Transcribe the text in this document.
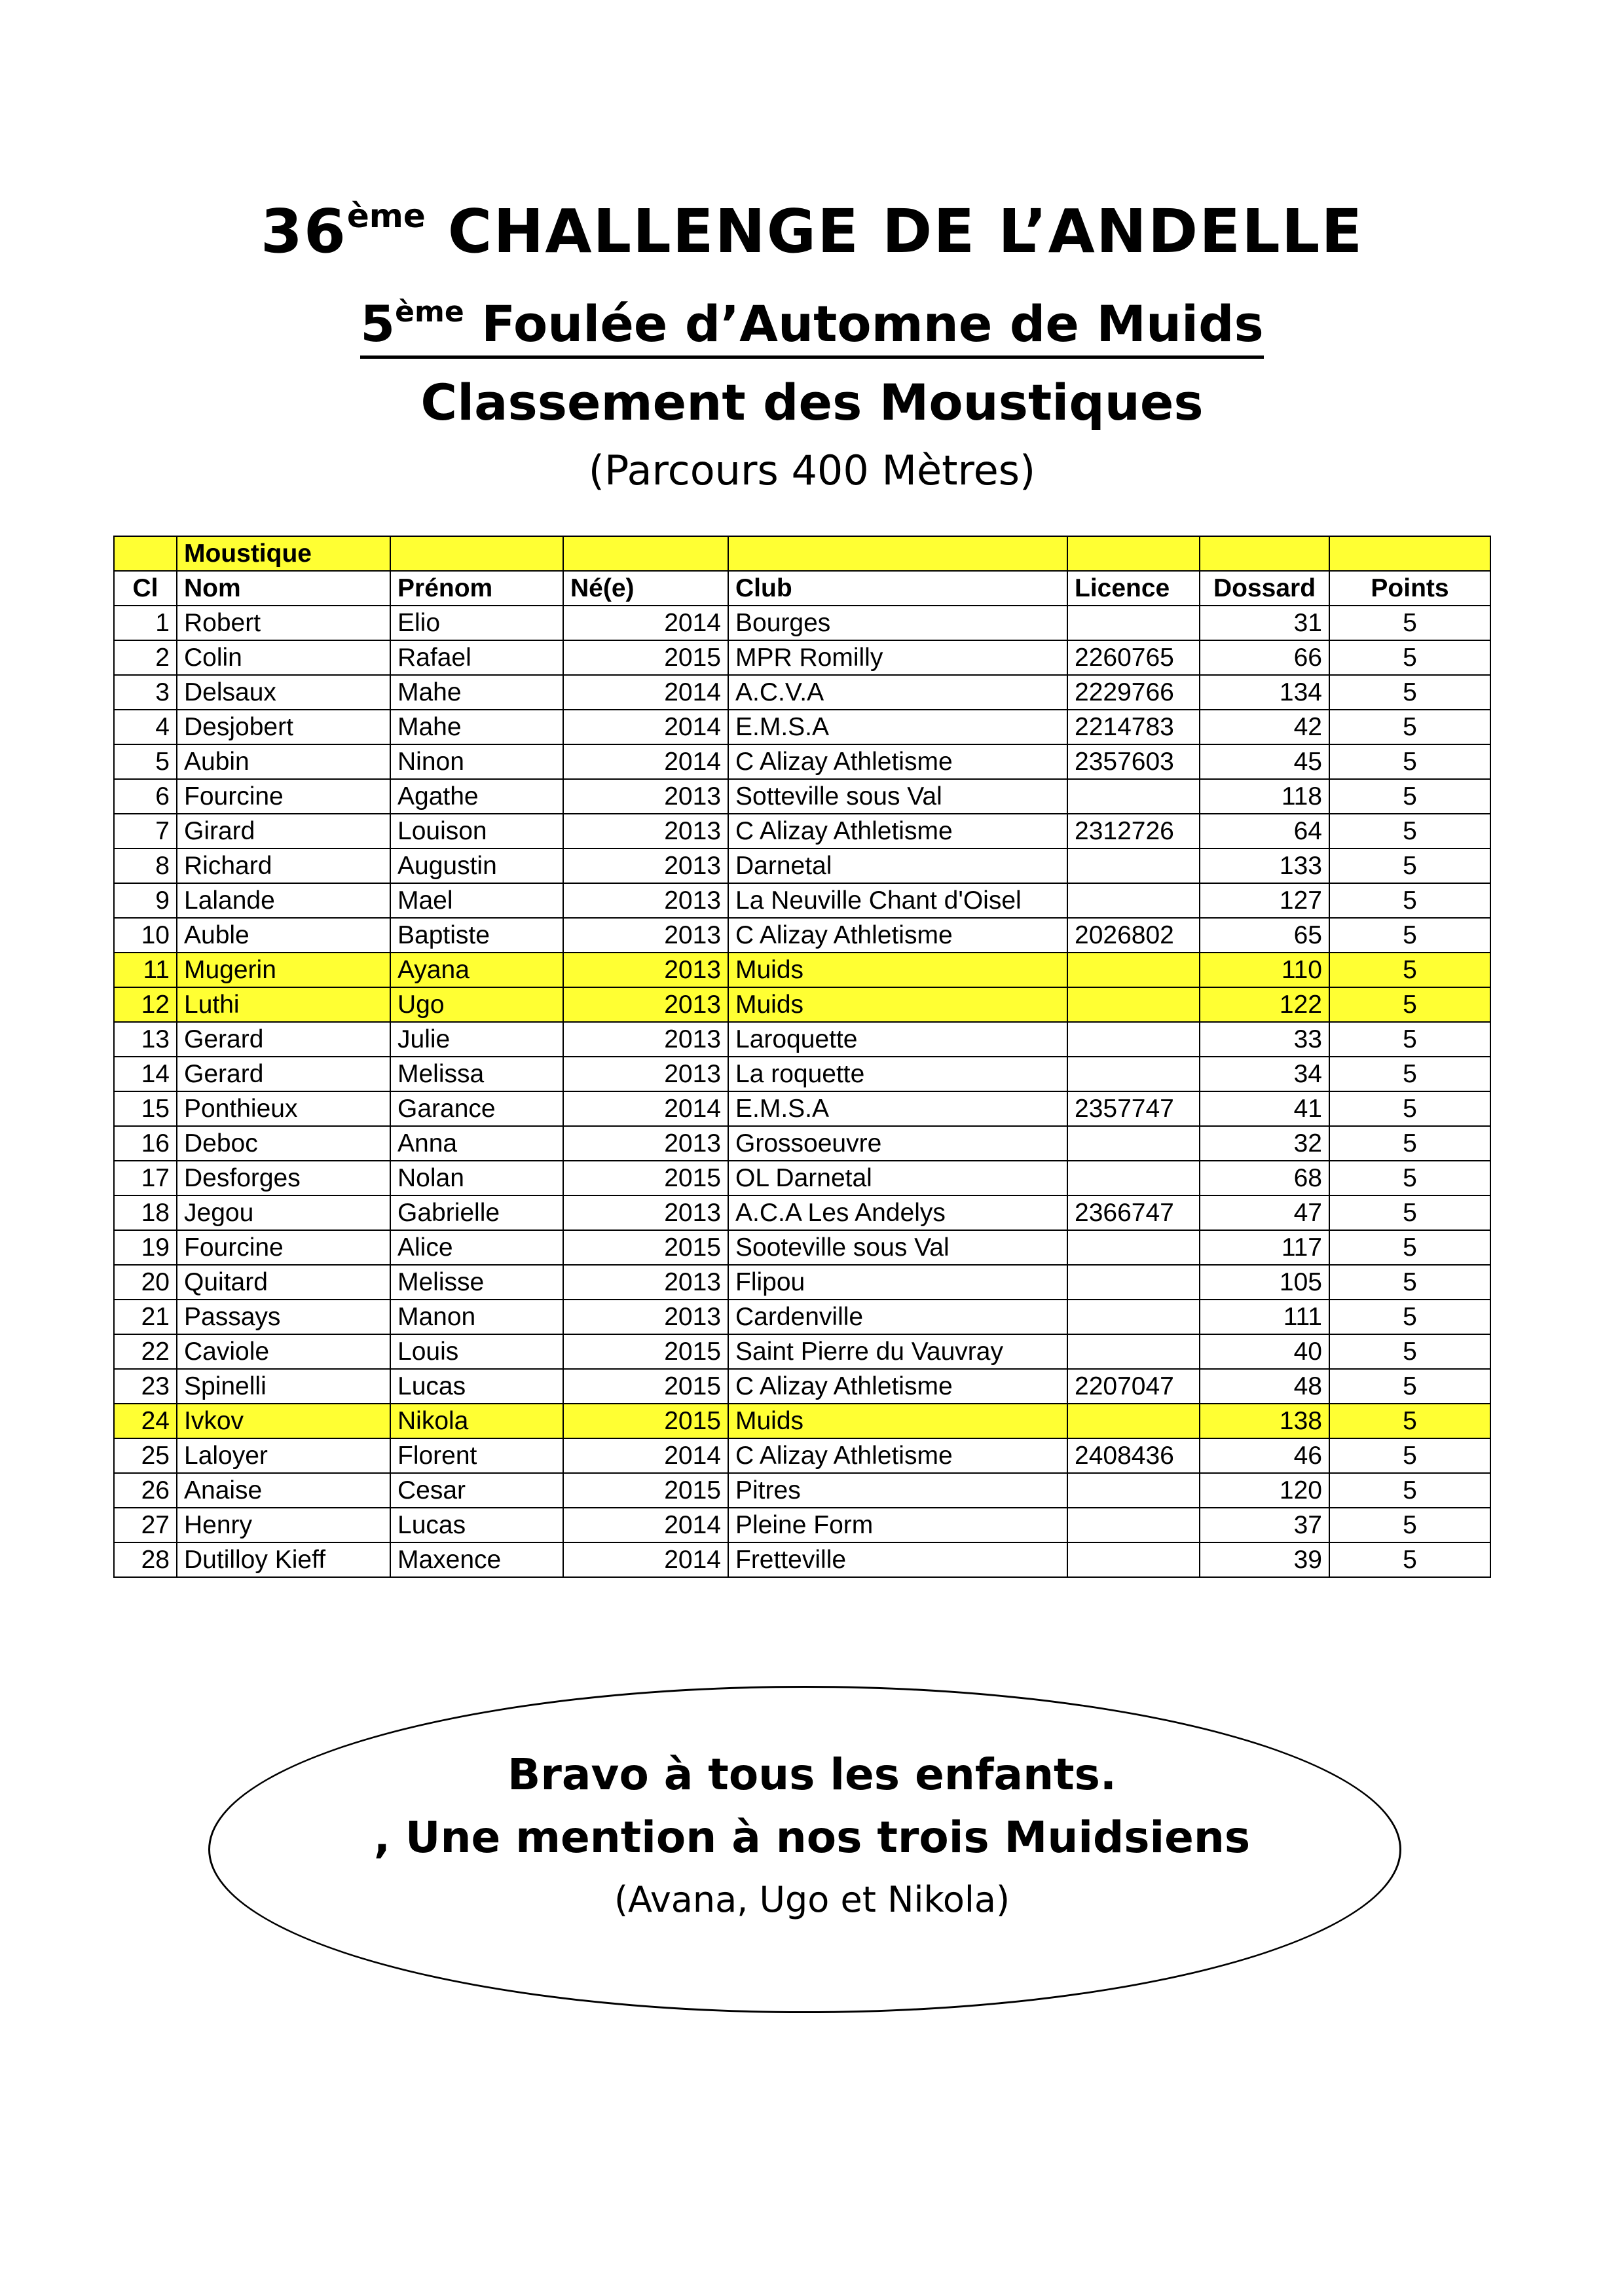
36ème CHALLENGE DE L’ANDELLE
5ème Foulée d’Automne de Muids
Classement des Moustiques
(Parcours 400 Mètres)
	Moustique						
Cl	Nom	Prénom	Né(e)	Club	Licence	Dossard	Points
1	Robert	Elio	2014	Bourges		31	5
2	Colin	Rafael	2015	MPR Romilly	2260765	66	5
3	Delsaux	Mahe	2014	A.C.V.A	2229766	134	5
4	Desjobert	Mahe	2014	E.M.S.A	2214783	42	5
5	Aubin	Ninon	2014	C Alizay Athletisme	2357603	45	5
6	Fourcine	Agathe	2013	Sotteville sous Val		118	5
7	Girard	Louison	2013	C Alizay Athletisme	2312726	64	5
8	Richard	Augustin	2013	Darnetal		133	5
9	Lalande	Mael	2013	La Neuville Chant d'Oisel		127	5
10	Auble	Baptiste	2013	C Alizay Athletisme	2026802	65	5
11	Mugerin	Ayana	2013	Muids		110	5
12	Luthi	Ugo	2013	Muids		122	5
13	Gerard	Julie	2013	Laroquette		33	5
14	Gerard	Melissa	2013	La roquette		34	5
15	Ponthieux	Garance	2014	E.M.S.A	2357747	41	5
16	Deboc	Anna	2013	Grossoeuvre		32	5
17	Desforges	Nolan	2015	OL Darnetal		68	5
18	Jegou	Gabrielle	2013	A.C.A Les Andelys	2366747	47	5
19	Fourcine	Alice	2015	Sooteville sous Val		117	5
20	Quitard	Melisse	2013	Flipou		105	5
21	Passays	Manon	2013	Cardenville		111	5
22	Caviole	Louis	2015	Saint Pierre du Vauvray		40	5
23	Spinelli	Lucas	2015	C Alizay Athletisme	2207047	48	5
24	Ivkov	Nikola	2015	Muids		138	5
25	Laloyer	Florent	2014	C Alizay Athletisme	2408436	46	5
26	Anaise	Cesar	2015	Pitres		120	5
27	Henry	Lucas	2014	Pleine Form		37	5
28	Dutilloy Kieff	Maxence	2014	Fretteville		39	5
Bravo à tous les enfants.
, Une mention à nos trois Muidsiens
(Avana, Ugo et Nikola)
